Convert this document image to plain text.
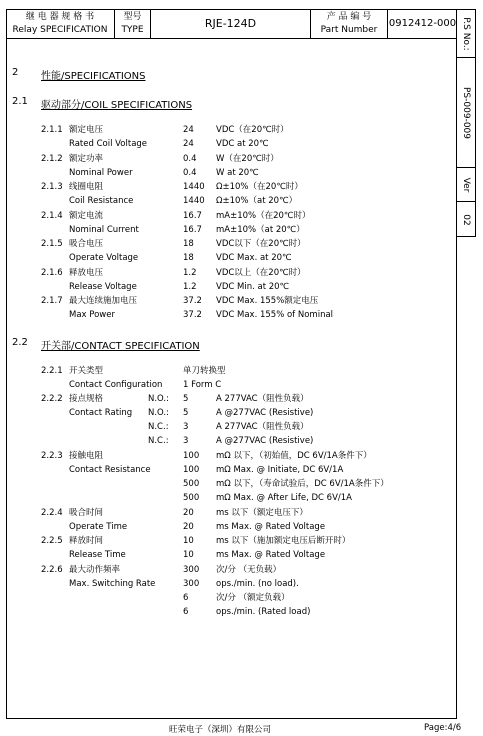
继 电 器 规 格 书
Relay SPECIFICATION
型号
TYPE	RJE-124D	产 品 编 号
Part Number
0912412-000 P.S No.:
PS-009-009
Ver
02
2 性能/SPECIFICATIONS
2.1 驱动部分/COIL SPECIFICATIONS
2.1.1 额定电压	24	VDC（在20℃时）
Rated Coil Voltage	24	VDC at 20℃
2.1.2 额定功率	0.4 W（在20℃时）
Nominal Power	0.4 W at 20℃
2.1.3 线圈电阻	1440 Ω±10%（在20℃时）
Coil Resistance	1440 Ω±10%（at 20℃）
2.1.4 额定电流	16.7 mA±10%（在20℃时）
Nominal Current	16.7 mA±10%（at 20℃）
2.1.5 吸合电压	18	VDC以下（在20℃时）
Operate Voltage	18	VDC Max. at 20℃
2.1.6 释放电压	1.2 VDC以上（在20℃时）
Release Voltage	1.2 VDC Min. at 20℃
2.1.7 最大连续施加电压	37.2 VDC Max. 155%额定电压
Max Power	37.2 VDC Max. 155% of Nominal
2.2 开关部/CONTACT SPECIFICATION
2.2.1 开关类型	单刀转换型
Contact Configuration 1 Form C
2.2.2 接点规格
Contact Rating
N.O.: 5	A 277VAC（阻性负载）
N.O.: 5	A @277VAC (Resistive)
N.C.: 3	A 277VAC（阻性负载）
N.C.: 3	A @277VAC (Resistive)
2.2.3 接触电阻
Contact Resistance
100 mΩ 以下，（初始值，DC 6V/1A条件下）
100 mΩ Max. @ Initiate, DC 6V/1A
500 mΩ 以下，（寿命试验后，DC 6V/1A条件下）
500 mΩ Max. @ After Life, DC 6V/1A
2.2.4 吸合时间	20	ms 以下（额定电压下）
Operate Time	20	ms Max. @ Rated Voltage
2.2.5 释放时间	10	ms 以下（施加额定电压后断开时）
Release Time	10	ms Max. @ Rated Voltage
2.2.6 最大动作频率
Max. Switching Rate
300 次/分 （无负载）
300 ops./min. (no load).
6	次/分 （额定负载）
6	ops./min. (Rated load)
旺荣电子（深圳）有限公司	Page:4/6
